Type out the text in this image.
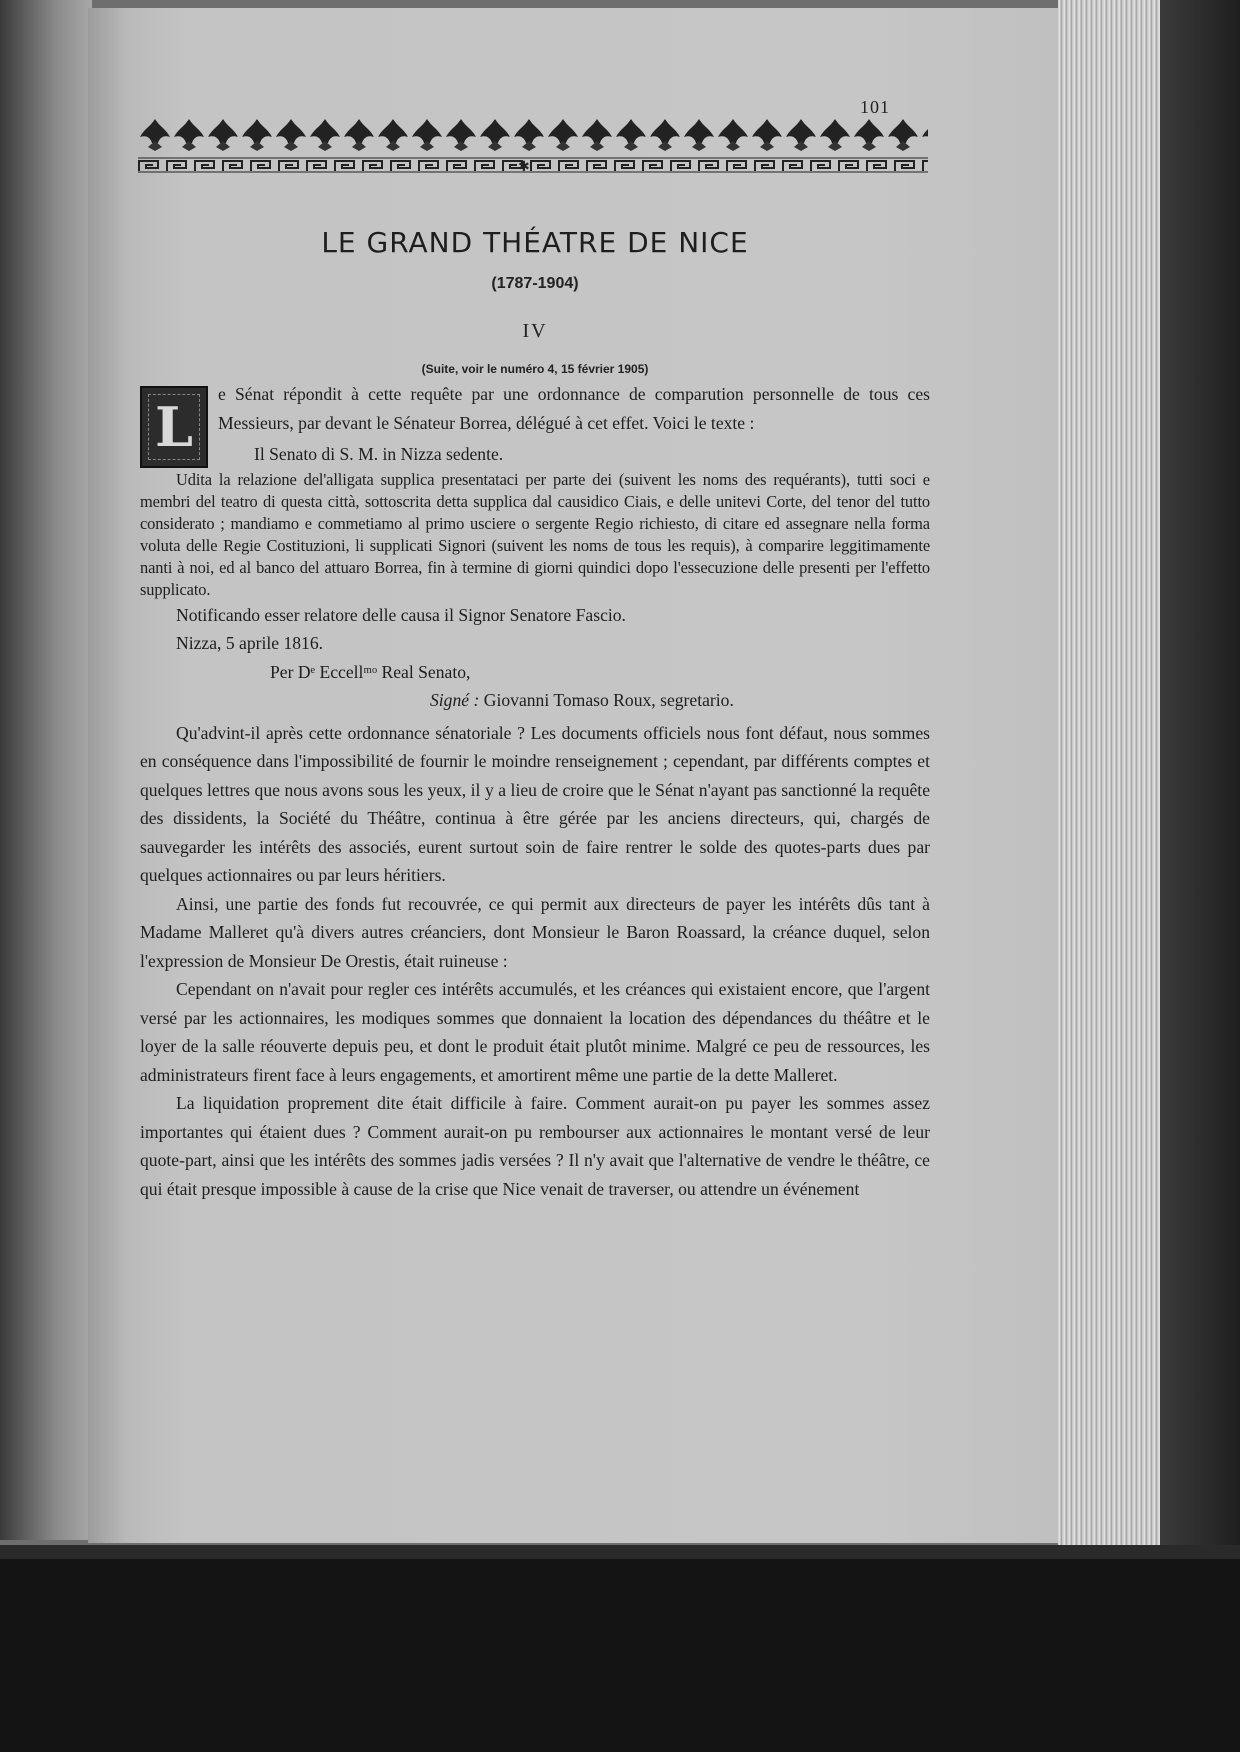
101
✱
LE GRAND THÉATRE DE NICE
(1787-1904)
IV
(Suite, voir le numéro 4, 15 février 1905)

L
e Sénat répondit à cette requête par une ordonnance de comparution personnelle de tous ces Messieurs, par devant le Sénateur Borrea, délégué à cet effet. Voici le texte :

Il Senato di S. M. in Nizza sedente.

Udita la relazione del'alligata supplica presentataci per parte dei (suivent les noms des requérants), tutti soci e membri del teatro di questa città, sottoscrita detta supplica dal causidico Ciais, e delle unitevi Corte, del tenor del tutto considerato ; mandiamo e commetiamo al primo usciere o sergente Regio richiesto, di citare ed assegnare nella forma voluta delle Regie Costituzioni, li supplicati Signori (suivent les noms de tous les requis), à comparire leggitimamente nanti à noi, ed al banco del attuaro Borrea, fin à termine di giorni quindici dopo l'essecuzione delle presenti per l'effetto supplicato.

Notificando esser relatore delle causa il Signor Senatore Fascio.

Nizza, 5 aprile 1816.

Per Dᵉ Eccellᵐᵒ Real Senato,

Signé : Giovanni Tomaso Roux, segretario.

Qu'advint-il après cette ordonnance sénatoriale ? Les documents officiels nous font défaut, nous sommes en conséquence dans l'impossibilité de fournir le moindre renseignement ; cependant, par différents comptes et quelques lettres que nous avons sous les yeux, il y a lieu de croire que le Sénat n'ayant pas sanctionné la requête des dissidents, la Société du Théâtre, continua à être gérée par les anciens directeurs, qui, chargés de sauvegarder les intérêts des associés, eurent surtout soin de faire rentrer le solde des quotes-parts dues par quelques actionnaires ou par leurs héritiers.

Ainsi, une partie des fonds fut recouvrée, ce qui permit aux directeurs de payer les intérêts dûs tant à Madame Malleret qu'à divers autres créanciers, dont Monsieur le Baron Roassard, la créance duquel, selon l'expression de Monsieur De Orestis, était ruineuse :

Cependant on n'avait pour regler ces intérêts accumulés, et les créances qui existaient encore, que l'argent versé par les actionnaires, les modiques sommes que donnaient la location des dépendances du théâtre et le loyer de la salle réouverte depuis peu, et dont le produit était plutôt minime. Malgré ce peu de ressources, les administrateurs firent face à leurs engagements, et amortirent même une partie de la dette Malleret.

La liquidation proprement dite était difficile à faire. Comment aurait-on pu payer les sommes assez importantes qui étaient dues ? Comment aurait-on pu rembourser aux actionnaires le montant versé de leur quote-part, ainsi que les intérêts des sommes jadis versées ? Il n'y avait que l'alternative de vendre le théâtre, ce qui était presque impossible à cause de la crise que Nice venait de traverser, ou attendre un événement
